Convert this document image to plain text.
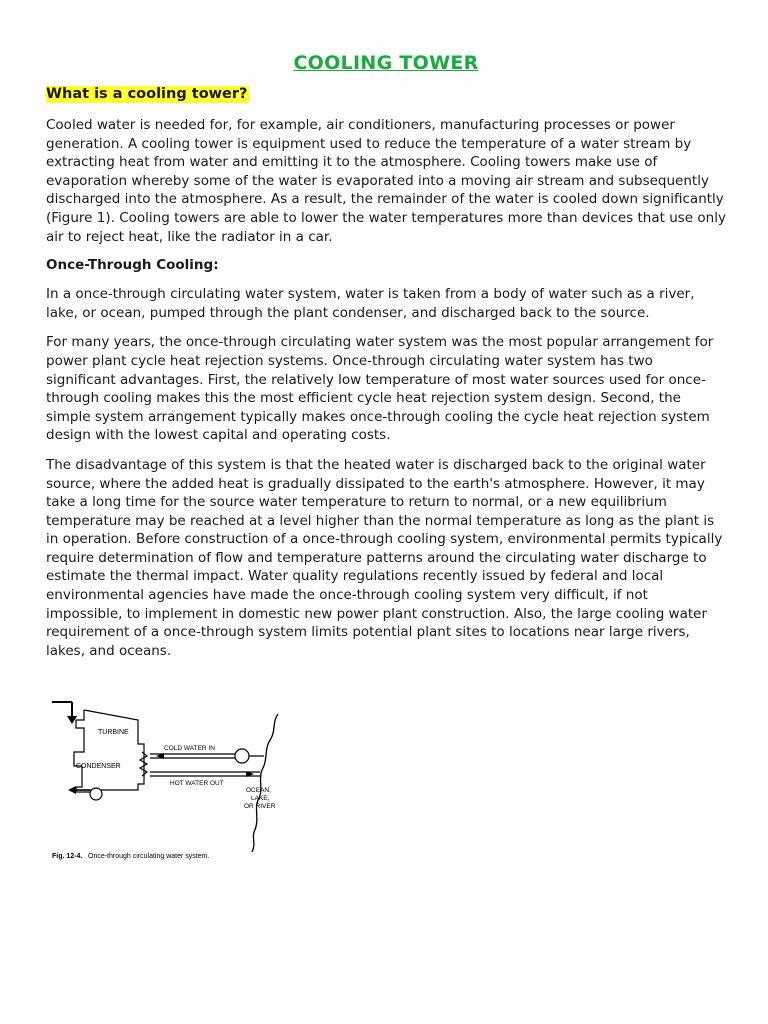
COOLING TOWER
What is a cooling tower?

Cooled water is needed for, for example, air conditioners, manufacturing processes or power generation. A cooling tower is equipment used to reduce the temperature of a water stream by extracting heat from water and emitting it to the atmosphere. Cooling towers make use of evaporation whereby some of the water is evaporated into a moving air stream and subsequently discharged into the atmosphere. As a result, the remainder of the water is cooled down significantly (Figure 1). Cooling towers are able to lower the water temperatures more than devices that use only air to reject heat, like the radiator in a car.

Once-Through Cooling:

In a once-through circulating water system, water is taken from a body of water such as a river, lake, or ocean, pumped through the plant condenser, and discharged back to the source.

For many years, the once-through circulating water system was the most popular arrangement for power plant cycle heat rejection systems. Once-through circulating water system has two significant advantages. First, the relatively low temperature of most water sources used for once-through cooling makes this the most efficient cycle heat rejection system design. Second, the simple system arrangement typically makes once-through cooling the cycle heat rejection system design with the lowest capital and operating costs.

The disadvantage of this system is that the heated water is discharged back to the original water source, where the added heat is gradually dissipated to the earth's atmosphere. However, it may take a long time for the source water temperature to return to normal, or a new equilibrium temperature may be reached at a level higher than the normal temperature as long as the plant is in operation. Before construction of a once-through cooling system, environmental permits typically require determination of flow and temperature patterns around the circulating water discharge to estimate the thermal impact. Water quality regulations recently issued by federal and local environmental agencies have made the once-through cooling system very difficult, if not impossible, to implement in domestic new power plant construction. Also, the large cooling water requirement of a once-through system limits potential plant sites to locations near large rivers, lakes, and oceans.

TURBINE
CONDENSER
COLD WATER IN
HOT WATER OUT
OCEAN,
LAKE,
OR RIVER
Fig. 12-4. Once-through circulating water system.
